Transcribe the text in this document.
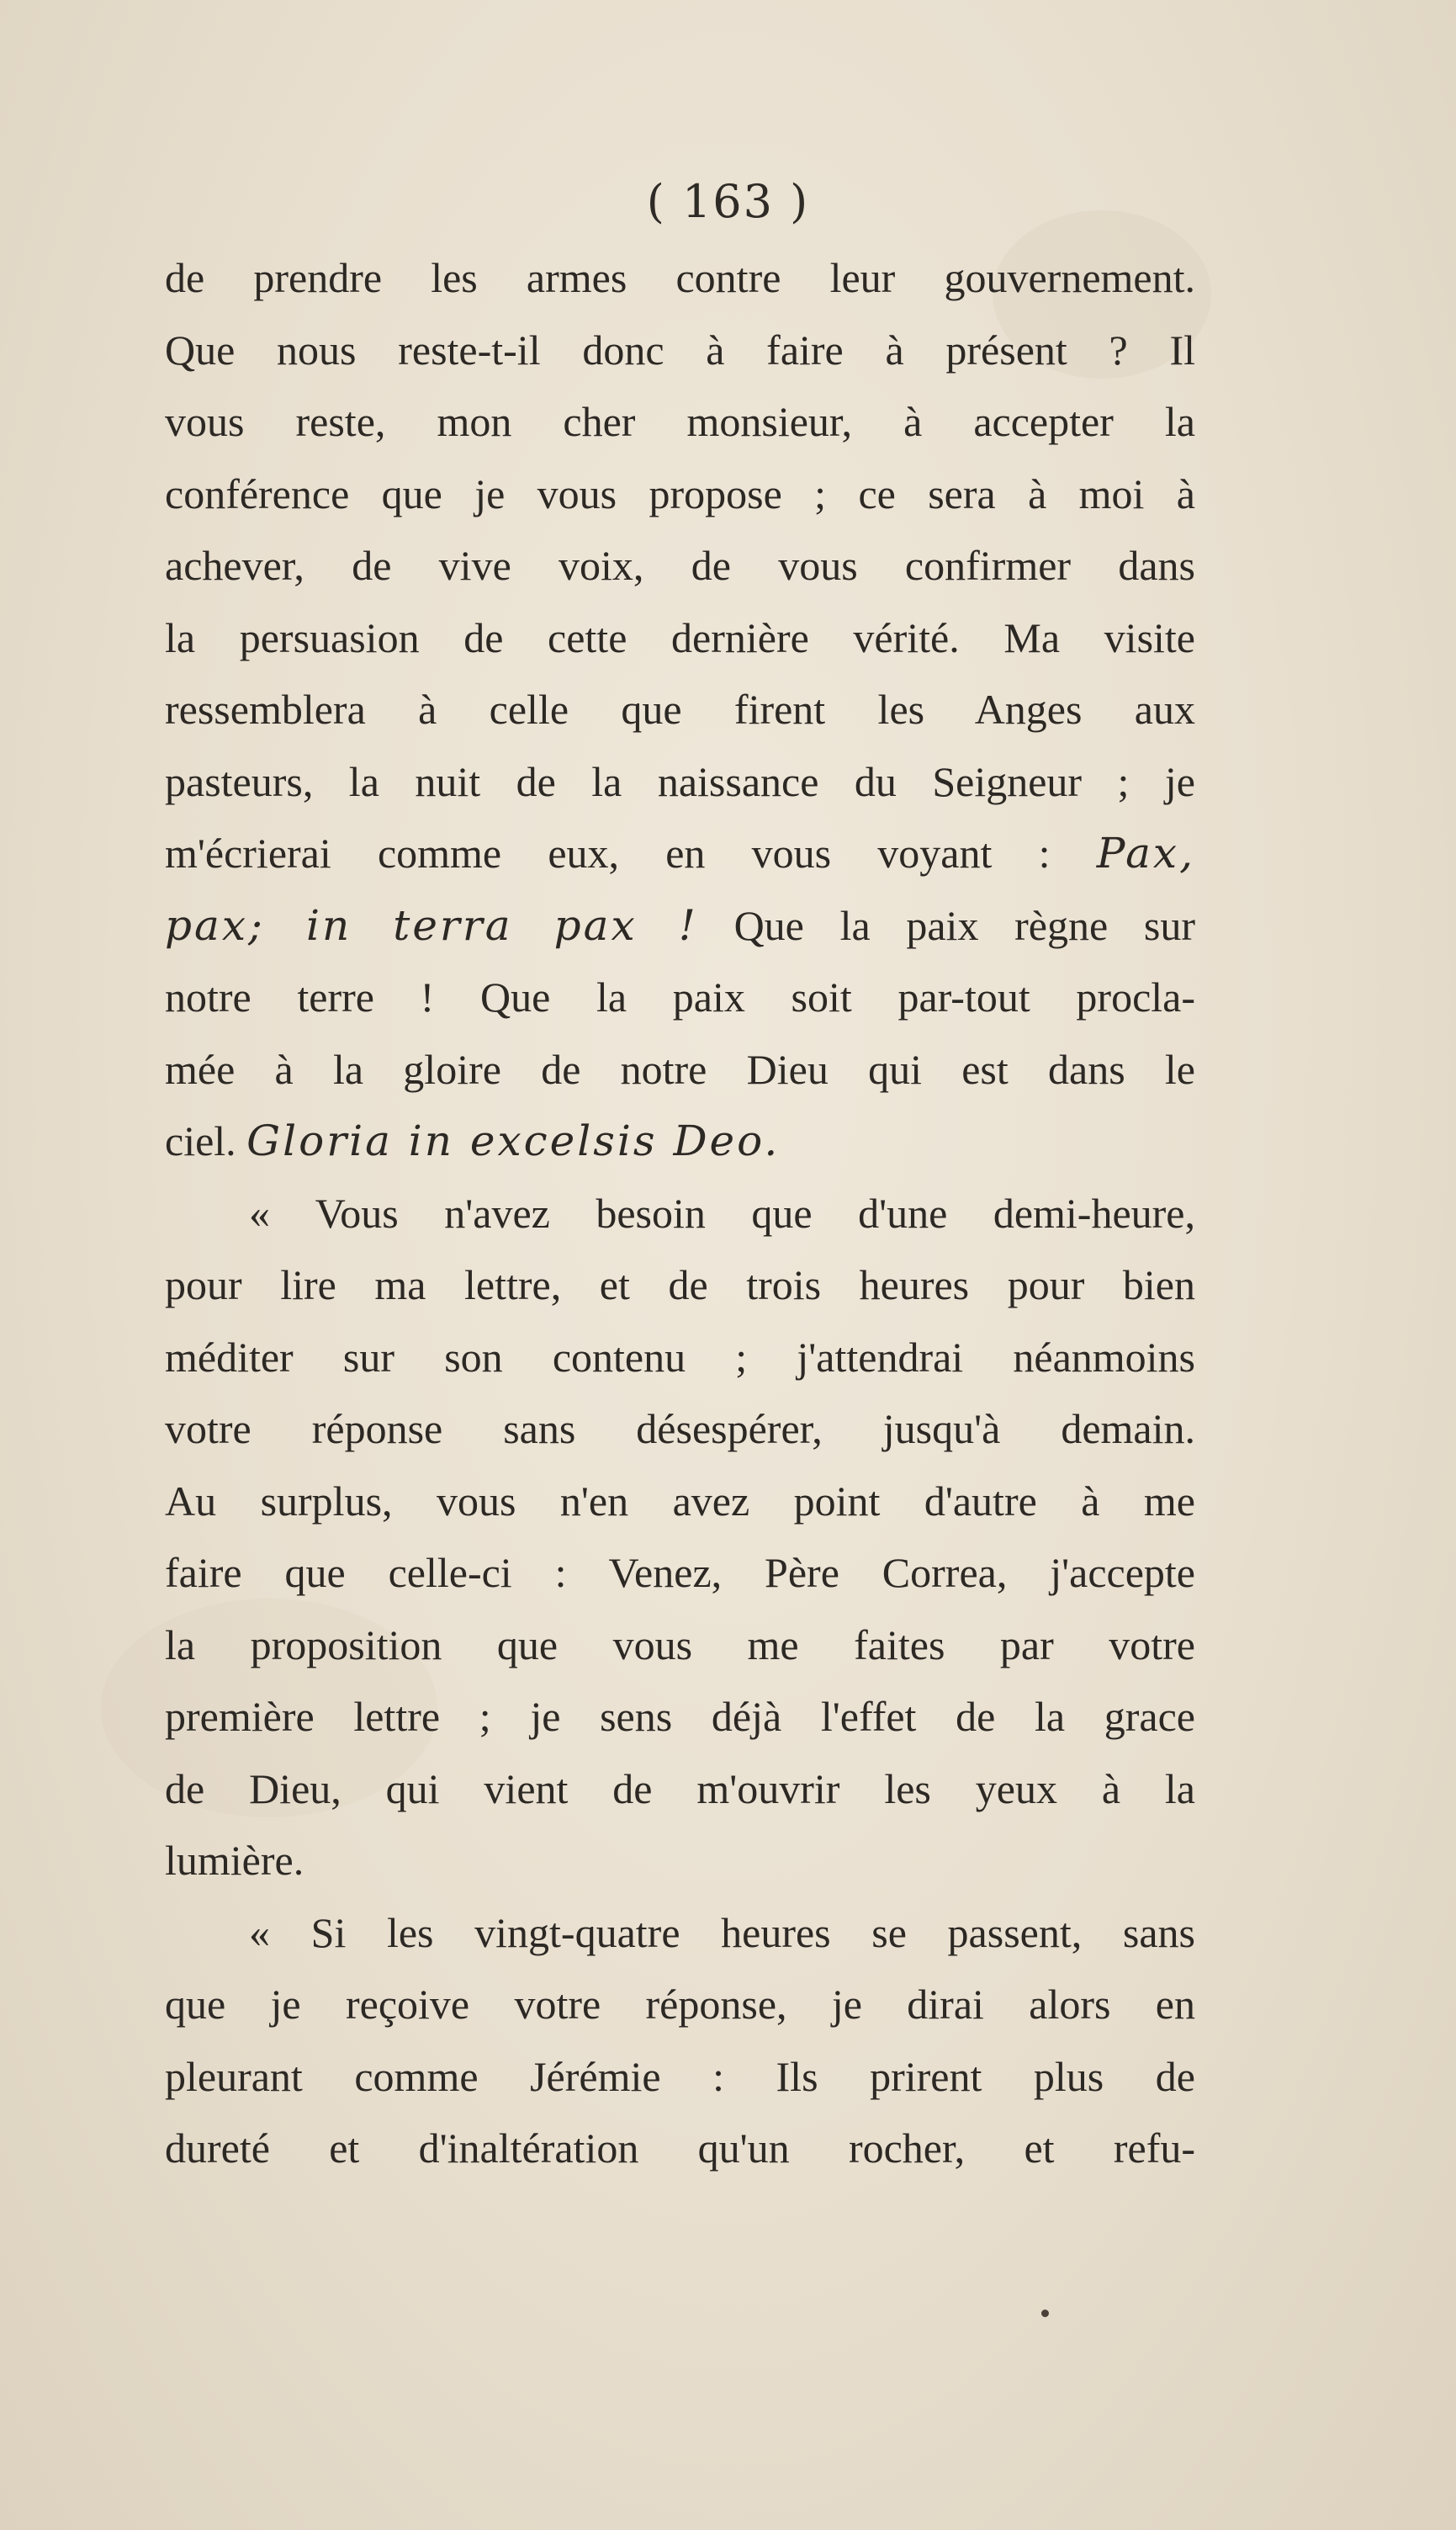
( 163 )
de prendre les armes contre leur gouvernement.
Que nous reste-t-il donc à faire à présent ? Il
vous reste, mon cher monsieur, à accepter la
conférence que je vous propose ; ce sera à moi à
achever, de vive voix, de vous confirmer dans
la persuasion de cette dernière vérité. Ma visite
ressemblera à celle que firent les Anges aux
pasteurs, la nuit de la naissance du Seigneur ; je
m'écrierai comme eux, en vous voyant : Pax,
pax; in terra pax ! Que la paix règne sur
notre terre ! Que la paix soit par-tout procla-
mée à la gloire de notre Dieu qui est dans le
ciel. Gloria in excelsis Deo.
« Vous n'avez besoin que d'une demi-heure,
pour lire ma lettre, et de trois heures pour bien
méditer sur son contenu ; j'attendrai néanmoins
votre réponse sans désespérer, jusqu'à demain.
Au surplus, vous n'en avez point d'autre à me
faire que celle-ci : Venez, Père Correa, j'accepte
la proposition que vous me faites par votre
première lettre ; je sens déjà l'effet de la grace
de Dieu, qui vient de m'ouvrir les yeux à la
lumière.
« Si les vingt-quatre heures se passent, sans
que je reçoive votre réponse, je dirai alors en
pleurant comme Jérémie : Ils prirent plus de
dureté et d'inaltération qu'un rocher, et refu-
